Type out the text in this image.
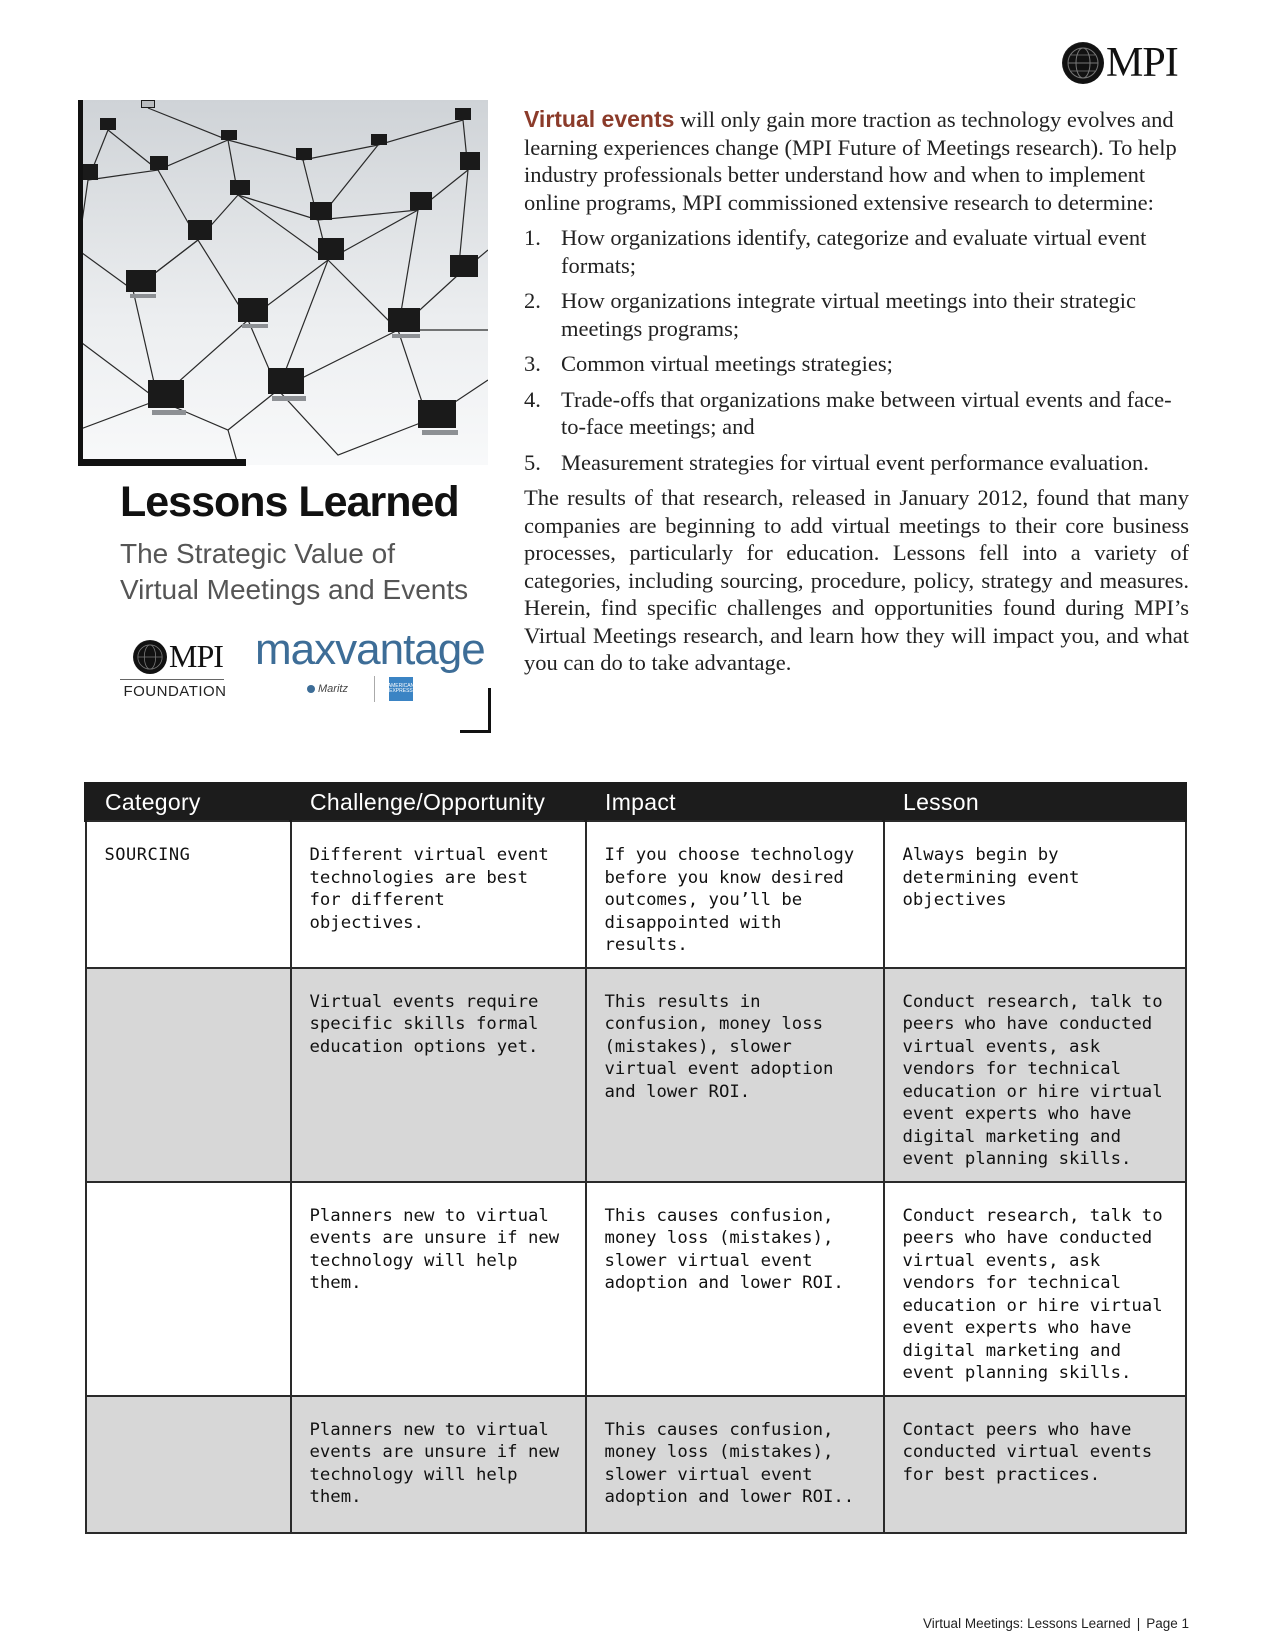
MPI
Lessons Learned
The Strategic Value of
Virtual Meetings and Events
MPI
FOUNDATION
maxvantage
Maritz	AMERICAN EXPRESS

Virtual events will only gain more traction as technology evolves and learning experiences change (MPI Future of Meetings research). To help industry professionals better understand how and when to implement online programs, MPI commissioned extensive research to determine:

1. How organizations identify, categorize and evaluate virtual event formats;
2. How organizations integrate virtual meetings into their strategic meetings programs;
3. Common virtual meetings strategies;
4. Trade-offs that organizations make between virtual events and face-to-face meetings; and
5. Measurement strategies for virtual event performance evaluation.

The results of that research, released in January 2012, found that many companies are beginning to add virtual meetings to their core business processes, particularly for education. Lessons fell into a variety of categories, including sourcing, procedure, policy, strategy and measures. Herein, find specific challenges and opportunities found during MPI’s Virtual Meetings research, and learn how they will impact you, and what you can do to take advantage.

Category	Challenge/Opportunity	Impact	Lesson
SOURCING	Different virtual event technologies are best for different objectives.	If you choose technology before you know desired outcomes, you’ll be disappointed with results.	Always begin by determining event objectives
	Virtual events require specific skills formal education options yet.	This results in confusion, money loss (mistakes), slower virtual event adoption and lower ROI.	Conduct research, talk to peers who have conducted virtual events, ask vendors for technical education or hire virtual event experts who have digital marketing and event planning skills.
	Planners new to virtual events are unsure if new technology will help them.	This causes confusion, money loss (mistakes), slower virtual event adoption and lower ROI.	Conduct research, talk to peers who have conducted virtual events, ask vendors for technical education or hire virtual event experts who have digital marketing and event planning skills.
	Planners new to virtual events are unsure if new technology will help them.	This causes confusion, money loss (mistakes), slower virtual event adoption and lower ROI..	Contact peers who have conducted virtual events for best practices.
Virtual Meetings: Lessons Learned | Page 1
